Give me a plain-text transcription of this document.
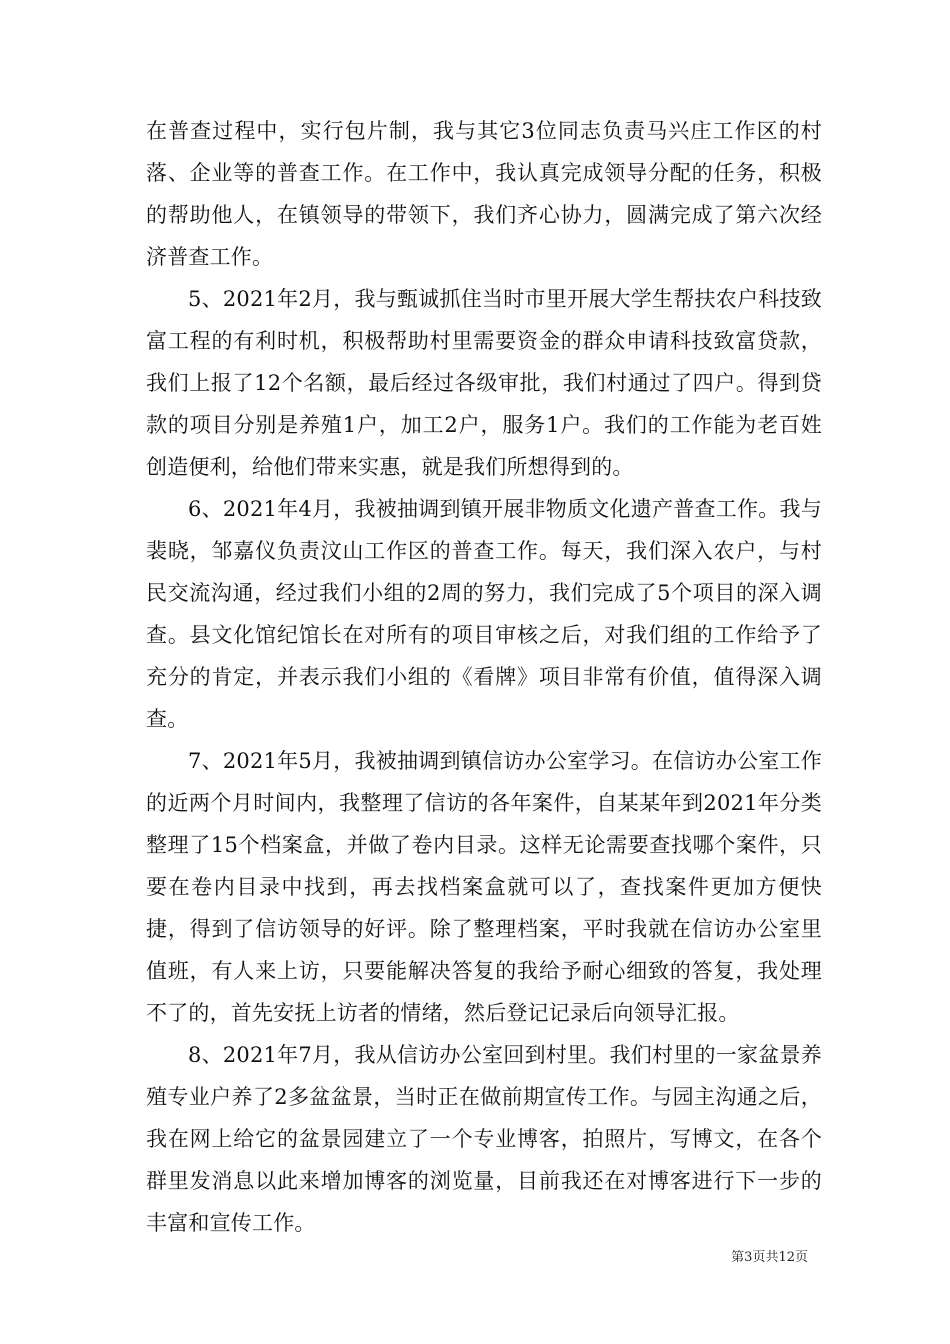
在普查过程中，实行包片制，我与其它3位同志负责马兴庄工作区的村落、企业等的普查工作。在工作中，我认真完成领导分配的任务，积极的帮助他人，在镇领导的带领下，我们齐心协力，圆满完成了第六次经济普查工作。

5、2021年2月，我与甄诚抓住当时市里开展大学生帮扶农户科技致富工程的有利时机，积极帮助村里需要资金的群众申请科技致富贷款，我们上报了12个名额，最后经过各级审批，我们村通过了四户。得到贷款的项目分别是养殖1户，加工2户，服务1户。我们的工作能为老百姓创造便利，给他们带来实惠，就是我们所想得到的。

6、2021年4月，我被抽调到镇开展非物质文化遗产普查工作。我与裴晓，邹嘉仪负责汶山工作区的普查工作。每天，我们深入农户，与村民交流沟通，经过我们小组的2周的努力，我们完成了5个项目的深入调查。县文化馆纪馆长在对所有的项目审核之后，对我们组的工作给予了充分的肯定，并表示我们小组的《看牌》项目非常有价值，值得深入调查。

7、2021年5月，我被抽调到镇信访办公室学习。在信访办公室工作的近两个月时间内，我整理了信访的各年案件，自某某年到2021年分类整理了15个档案盒，并做了卷内目录。这样无论需要查找哪个案件，只要在卷内目录中找到，再去找档案盒就可以了，查找案件更加方便快捷，得到了信访领导的好评。除了整理档案，平时我就在信访办公室里值班，有人来上访，只要能解决答复的我给予耐心细致的答复，我处理不了的，首先安抚上访者的情绪，然后登记记录后向领导汇报。

8、2021年7月，我从信访办公室回到村里。我们村里的一家盆景养殖专业户养了2多盆盆景，当时正在做前期宣传工作。与园主沟通之后，我在网上给它的盆景园建立了一个专业博客，拍照片，写博文，在各个群里发消息以此来增加博客的浏览量，目前我还在对博客进行下一步的丰富和宣传工作。

第3页共12页
